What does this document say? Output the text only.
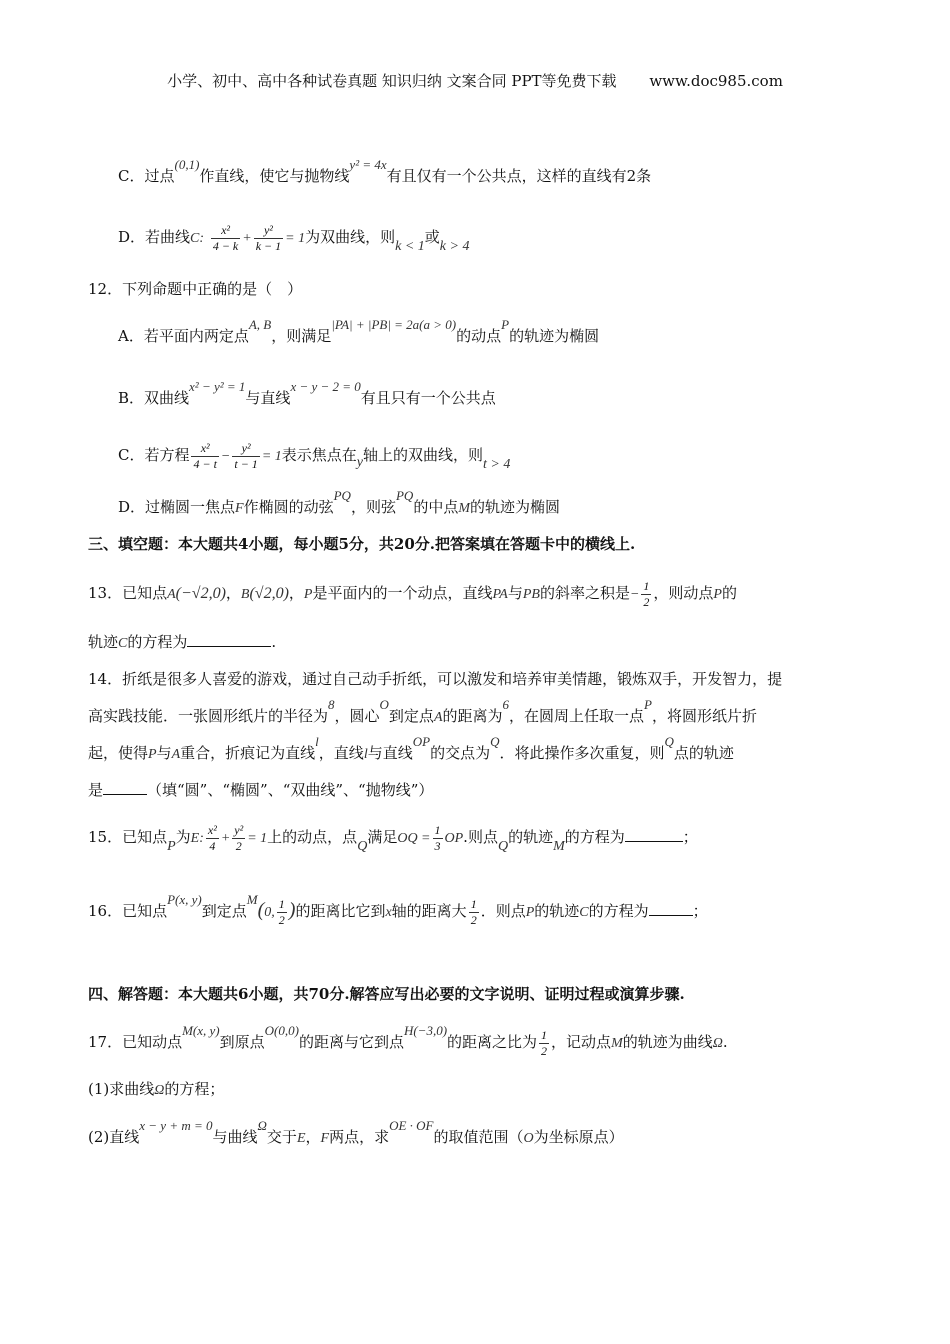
小学、初中、高中各种试卷真题 知识归纳 文案合同 PPT等免费下载 www.doc985.com
C．过点(0,1)作直线，使它与抛物线y² = 4x有且仅有一个公共点，这样的直线有2条
D．若曲线C: $\frac{\text{x²}}{4 - k} + \frac{\text{y²}}{k - 1} = 1$为双曲线，则k < 1或k > 4
12．下列命题中正确的是（　）
A．若平面内两定点A, B，则满足|PA| + |PB| = 2a(a > 0)的动点P的轨迹为椭圆
B．双曲线x² − y² = 1与直线x − y − 2 = 0有且只有一个公共点
C．若方程 $\frac{\text{x²}}{4 - t} - \frac{\text{y²}}{t - 1} = 1$表示焦点在y轴上的双曲线，则t > 4
D．过椭圆一焦点F作椭圆的动弦PQ，则弦PQ的中点M的轨迹为椭圆
三、填空题：本大题共4小题，每小题5分，共20分.把答案填在答题卡中的横线上.
13．已知点A(−√2,0)，B(√2,0)，P是平面内的一个动点，直线PA与PB的斜率之积是− $\frac{1}{2}$ ，则动点P的
轨迹C的方程为	.
14．折纸是很多人喜爱的游戏，通过自己动手折纸，可以激发和培养审美情趣，锻炼双手，开发智力，提
高实践技能．一张圆形纸片的半径为8，圆心O到定点A的距离为6，在圆周上任取一点P，将圆形纸片折
起，使得P与A重合，折痕记为直线l，直线l与直线OP的交点为Q．将此操作多次重复，则Q点的轨迹
是	（填“圆”、“椭圆”、“双曲线”、“抛物线”）
15．已知点P为E: $\frac{\text{x²}}{4} + \frac{\text{y²}}{2} = 1$上的动点，点Q满足OQ = $\frac{1}{3}$ OP.则点Q的轨迹M的方程为	；
16．已知点P(x, y)到定点M(0, $\frac{1}{2}$ )的距离比它到x轴的距离大 $\frac{1}{2}$ ．则点P的轨迹C的方程为	；
四、解答题：本大题共6小题，共70分.解答应写出必要的文字说明、证明过程或演算步骤.
17．已知动点M(x, y)到原点O(0,0)的距离与它到点H(−3,0)的距离之比为 $\frac{1}{2}$ ，记动点M的轨迹为曲线Ω.
(1)求曲线Ω的方程；
(2)直线x − y + m = 0与曲线Ω交于E，F两点，求OE · OF的取值范围（O为坐标原点）
